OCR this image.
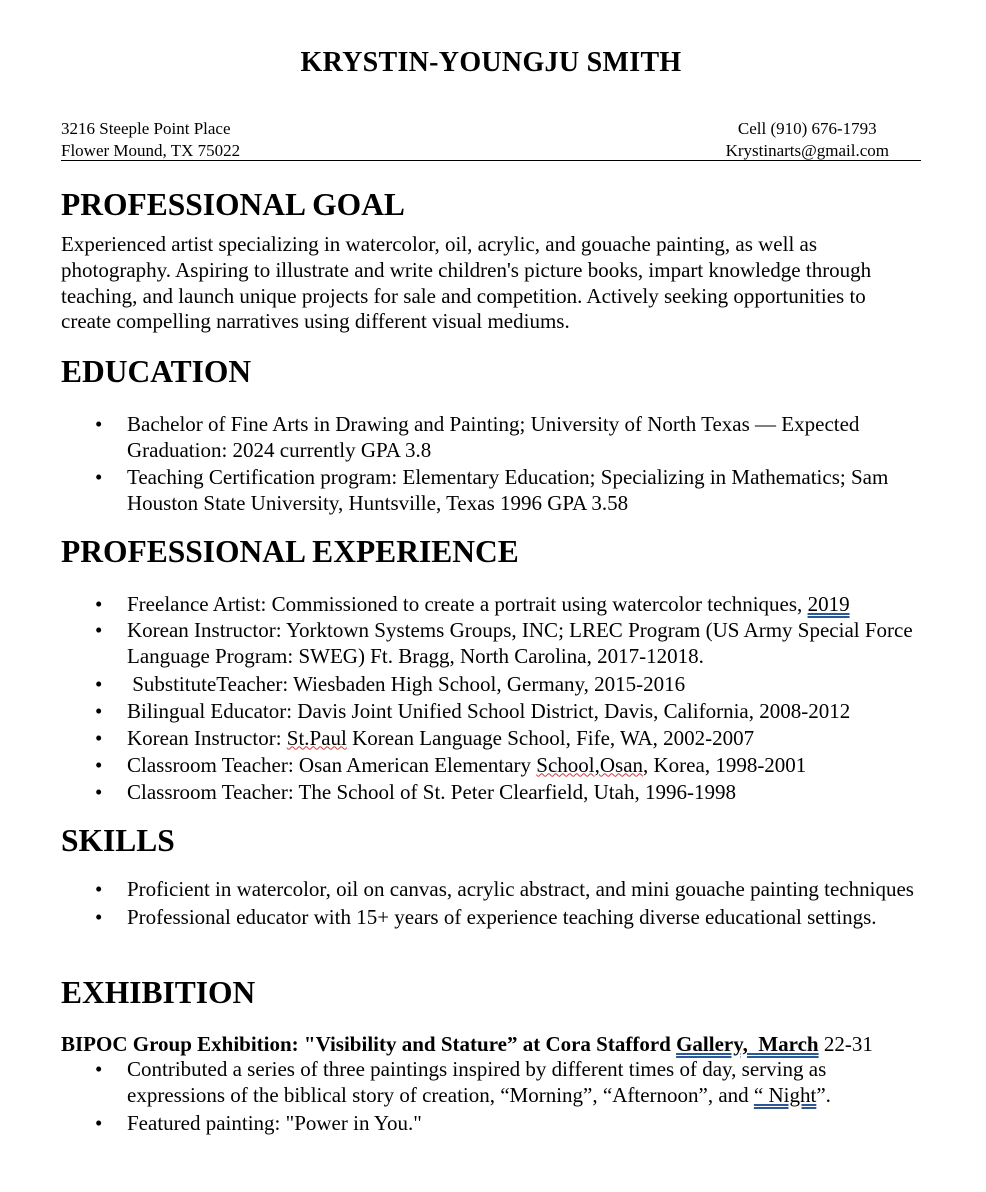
KRYSTIN-YOUNGJU SMITH
3216 Steeple Point Place
Flower Mound, TX 75022
Cell (910) 676-1793
Krystinarts@gmail.com
PROFESSIONAL GOAL

Experienced artist specializing in watercolor, oil, acrylic, and gouache painting, as well as photography. Aspiring to illustrate and write children's picture books, impart knowledge through teaching, and launch unique projects for sale and competition. Actively seeking opportunities to create compelling narratives using different visual mediums.

EDUCATION
• Bachelor of Fine Arts in Drawing and Painting; University of North Texas — Expected Graduation: 2024 currently GPA 3.8
• Teaching Certification program: Elementary Education; Specializing in Mathematics; Sam Houston State University, Huntsville, Texas 1996 GPA 3.58
PROFESSIONAL EXPERIENCE
• Freelance Artist: Commissioned to create a portrait using watercolor techniques, 2019
• Korean Instructor: Yorktown Systems Groups, INC; LREC Program (US Army Special Force Language Program: SWEG) Ft. Bragg, North Carolina, 2017-12018.
• SubstituteTeacher: Wiesbaden High School, Germany, 2015-2016
• Bilingual Educator: Davis Joint Unified School District, Davis, California, 2008-2012
• Korean Instructor: St.Paul Korean Language School, Fife, WA, 2002-2007
• Classroom Teacher: Osan American Elementary School,Osan, Korea, 1998-2001
• Classroom Teacher: The School of St. Peter Clearfield, Utah, 1996-1998
SKILLS
• Proficient in watercolor, oil on canvas, acrylic abstract, and mini gouache painting techniques
• Professional educator with 15+ years of experience teaching diverse educational settings.
EXHIBITION
BIPOC Group Exhibition: "Visibility and Stature” at Cora Stafford Gallery,  March 22-31
• Contributed a series of three paintings inspired by different times of day, serving as expressions of the biblical story of creation, “Morning”, “Afternoon”, and “ Night”.
• Featured painting: "Power in You."
